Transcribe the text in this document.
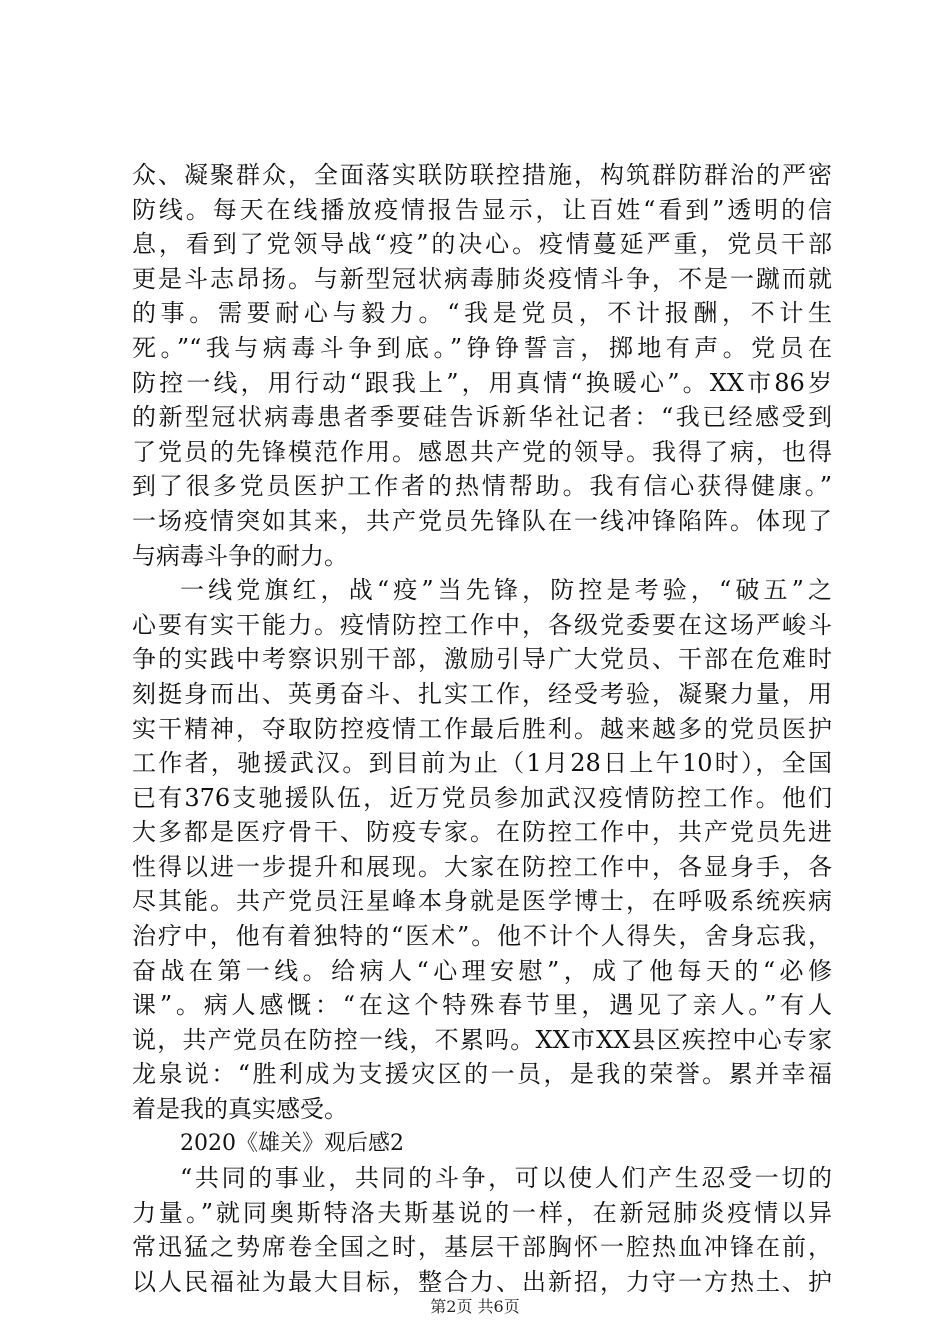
众、凝聚群众，全面落实联防联控措施，构筑群防群治的严密
防线。每天在线播放疫情报告显示，让百姓“看到”透明的信
息，看到了党领导战“疫”的决心。疫情蔓延严重，党员干部
更是斗志昂扬。与新型冠状病毒肺炎疫情斗争，不是一蹴而就
的事。需要耐心与毅力。“我是党员，不计报酬，不计生
死。”“我与病毒斗争到底。”铮铮誓言，掷地有声。党员在
防控一线，用行动“跟我上”，用真情“换暖心”。XX市86岁
的新型冠状病毒患者季要硅告诉新华社记者：“我已经感受到
了党员的先锋模范作用。感恩共产党的领导。我得了病，也得
到了很多党员医护工作者的热情帮助。我有信心获得健康。”
一场疫情突如其来，共产党员先锋队在一线冲锋陷阵。体现了
与病毒斗争的耐力。
一线党旗红，战“疫”当先锋，防控是考验，“破五”之
心要有实干能力。疫情防控工作中，各级党委要在这场严峻斗
争的实践中考察识别干部，激励引导广大党员、干部在危难时
刻挺身而出、英勇奋斗、扎实工作，经受考验，凝聚力量，用
实干精神，夺取防控疫情工作最后胜利。越来越多的党员医护
工作者，驰援武汉。到目前为止（1月28日上午10时），全国
已有376支驰援队伍，近万党员参加武汉疫情防控工作。他们
大多都是医疗骨干、防疫专家。在防控工作中，共产党员先进
性得以进一步提升和展现。大家在防控工作中，各显身手，各
尽其能。共产党员汪星峰本身就是医学博士，在呼吸系统疾病
治疗中，他有着独特的“医术”。他不计个人得失，舍身忘我，
奋战在第一线。给病人“心理安慰”，成了他每天的“必修
课”。病人感慨：“在这个特殊春节里，遇见了亲人。”有人
说，共产党员在防控一线，不累吗。XX市XX县区疾控中心专家
龙泉说：“胜利成为支援灾区的一员，是我的荣誉。累并幸福
着是我的真实感受。
2020《雄关》观后感2
“共同的事业，共同的斗争，可以使人们产生忍受一切的
力量。”就同奥斯特洛夫斯基说的一样，在新冠肺炎疫情以异
常迅猛之势席卷全国之时，基层干部胸怀一腔热血冲锋在前，
以人民福祉为最大目标，整合力、出新招，力守一方热土、护
第2页 共6页
